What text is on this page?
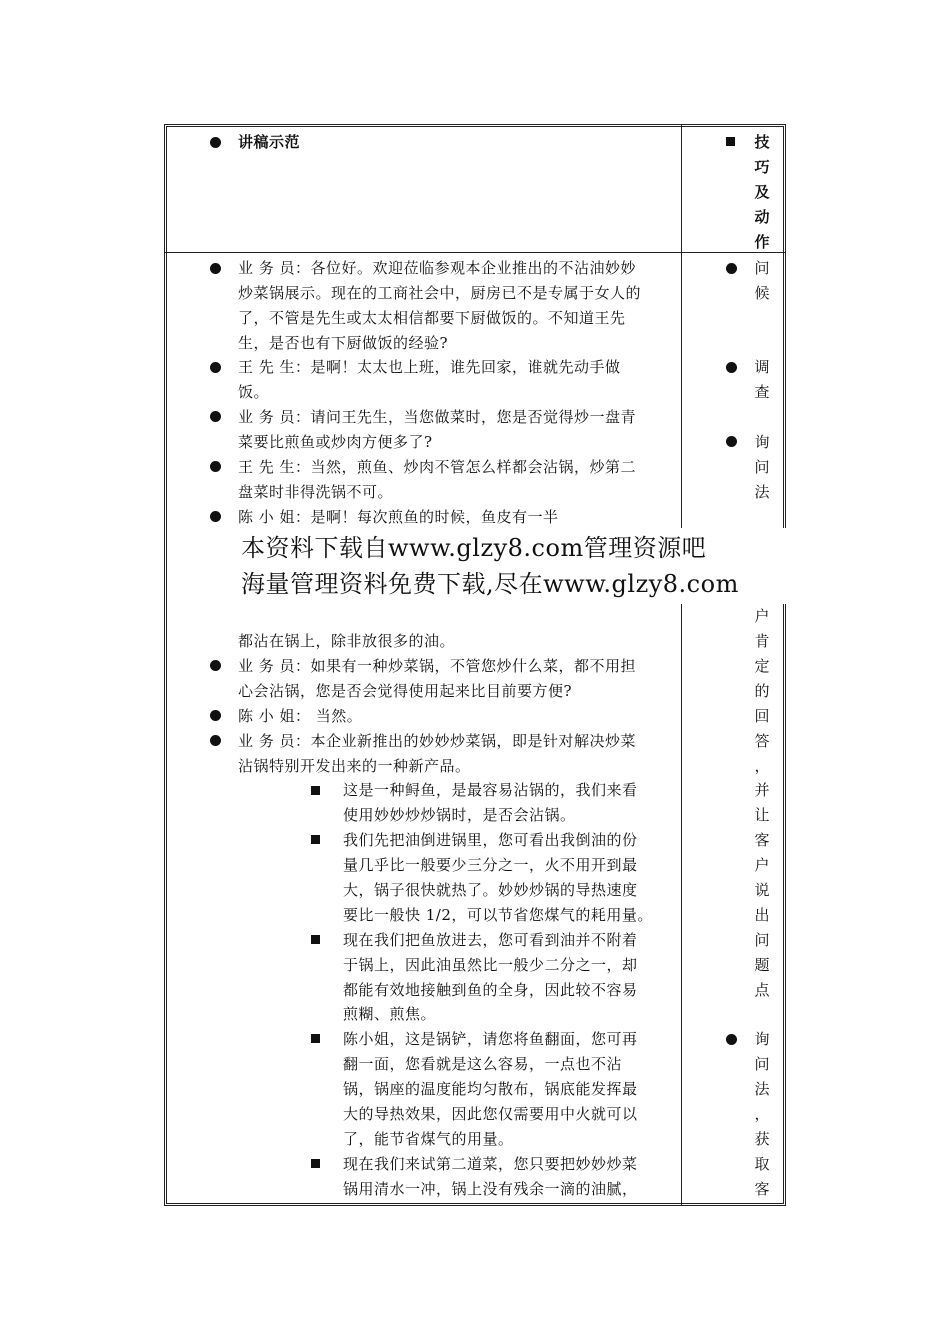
讲稿示范	技
巧
及
动
作
业 务 员：各位好。欢迎莅临参观本企业推出的不沾油妙妙
炒菜锅展示。现在的工商社会中，厨房已不是专属于女人的
了，不管是先生或太太相信都要下厨做饭的。不知道王先
生，是否也有下厨做饭的经验?
王 先 生：是啊！太太也上班，谁先回家，谁就先动手做
饭。
业 务 员：请问王先生，当您做菜时，您是否觉得炒一盘青
菜要比煎鱼或炒肉方便多了?
王 先 生：当然，煎鱼、炒肉不管怎么样都会沾锅，炒第二
盘菜时非得洗锅不可。
陈 小 姐：是啊！每次煎鱼的时候，鱼皮有一半
都沾在锅上，除非放很多的油。
业 务 员：如果有一种炒菜锅，不管您炒什么菜，都不用担
心会沾锅，您是否会觉得使用起来比目前要方便?
陈 小 姐： 当然。
业 务 员：本企业新推出的妙妙炒菜锅，即是针对解决炒菜
沾锅特别开发出来的一种新产品。
这是一种鲟鱼，是最容易沾锅的，我们来看
使用妙妙炒炒锅时，是否会沾锅。
我们先把油倒进锅里，您可看出我倒油的份
量几乎比一般要少三分之一，火不用开到最
大，锅子很快就热了。妙妙炒锅的导热速度
要比一般快 1/2，可以节省您煤气的耗用量。
现在我们把鱼放进去，您可看到油并不附着
于锅上，因此油虽然比一般少二分之一，却
都能有效地接触到鱼的全身，因此较不容易
煎糊、煎焦。
陈小姐，这是锅铲，请您将鱼翻面，您可再
翻一面，您看就是这么容易，一点也不沾
锅，锅座的温度能均匀散布，锅底能发挥最
大的导热效果，因此您仅需要用中火就可以
了，能节省煤气的用量。
现在我们来试第二道菜，您只要把妙妙炒菜
锅用清水一冲，锅上没有残余一滴的油腻，
问
候
调
查
询
问
法
户
肯
定
的
回
答
，
并
让
客
户
说
出
问
题
点
询
问
法
，
获
取
客
本资料下载自www.glzy8.com管理资源吧
海量管理资料免费下载,尽在www.glzy8.com
